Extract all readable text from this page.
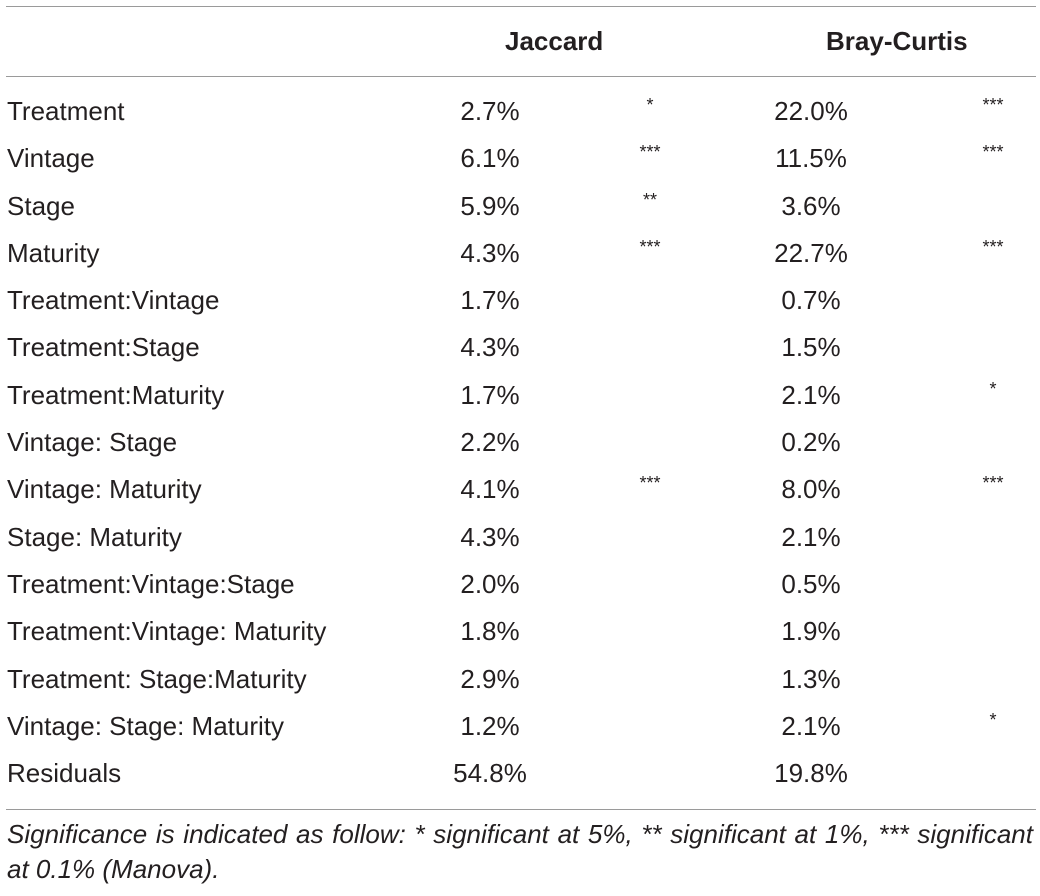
Jaccard	Bray-Curtis
Treatment	2.7%	*	22.0%	***
Vintage	6.1%	***	11.5%	***
Stage	5.9%	**	3.6%
Maturity	4.3%	***	22.7%	***
Treatment:Vintage	1.7%	0.7%
Treatment:Stage	4.3%	1.5%
Treatment:Maturity	1.7%	2.1%	*
Vintage: Stage	2.2%	0.2%
Vintage: Maturity	4.1%	***	8.0%	***
Stage: Maturity	4.3%	2.1%
Treatment:Vintage:Stage	2.0%	0.5%
Treatment:Vintage: Maturity	1.8%	1.9%
Treatment: Stage:Maturity	2.9%	1.3%
Vintage: Stage: Maturity	1.2%	2.1%	*
Residuals	54.8%	19.8%
Significance is indicated as follow: * significant at 5%, ** significant at 1%, *** significant at 0.1% (Manova).
